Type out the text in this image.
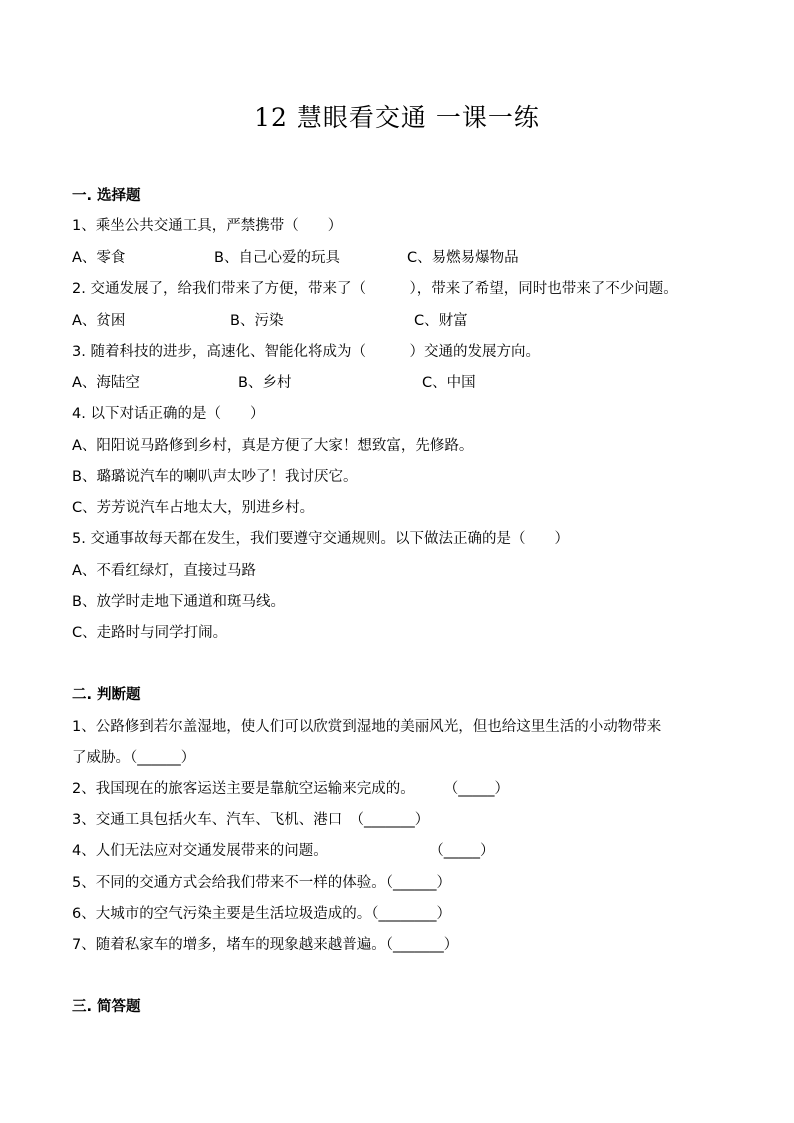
12 慧眼看交通 一课一练
一. 选择题
1、乘坐公共交通工具，严禁携带（　　）
A、零食	B、自己心爱的玩具	C、易燃易爆物品
2. 交通发展了，给我们带来了方便，带来了（　　　），带来了希望，同时也带来了不少问题。
A、贫困	B、污染	C、财富
3. 随着科技的进步，高速化、智能化将成为（　　　）交通的发展方向。
A、海陆空	B、乡村	C、中国
4. 以下对话正确的是（　　）
A、阳阳说马路修到乡村，真是方便了大家！想致富，先修路。
B、璐璐说汽车的喇叭声太吵了！我讨厌它。
C、芳芳说汽车占地太大，别进乡村。
5. 交通事故每天都在发生，我们要遵守交通规则。以下做法正确的是（　　）
A、不看红绿灯，直接过马路
B、放学时走地下通道和斑马线。
C、走路时与同学打闹。
二. 判断题
1、公路修到若尔盖湿地，使人们可以欣赏到湿地的美丽风光，但也给这里生活的小动物带来
了威胁。（______）
2、我国现在的旅客运送主要是靠航空运输来完成的。　　　（_____）
3、交通工具包括火车、汽车、飞机、港口　（_______）
4、人们无法应对交通发展带来的问题。　　　　　　　　（_____）
5、不同的交通方式会给我们带来不一样的体验。（______）
6、大城市的空气污染主要是生活垃圾造成的。（________）
7、随着私家车的增多，堵车的现象越来越普遍。（_______）
三. 简答题
